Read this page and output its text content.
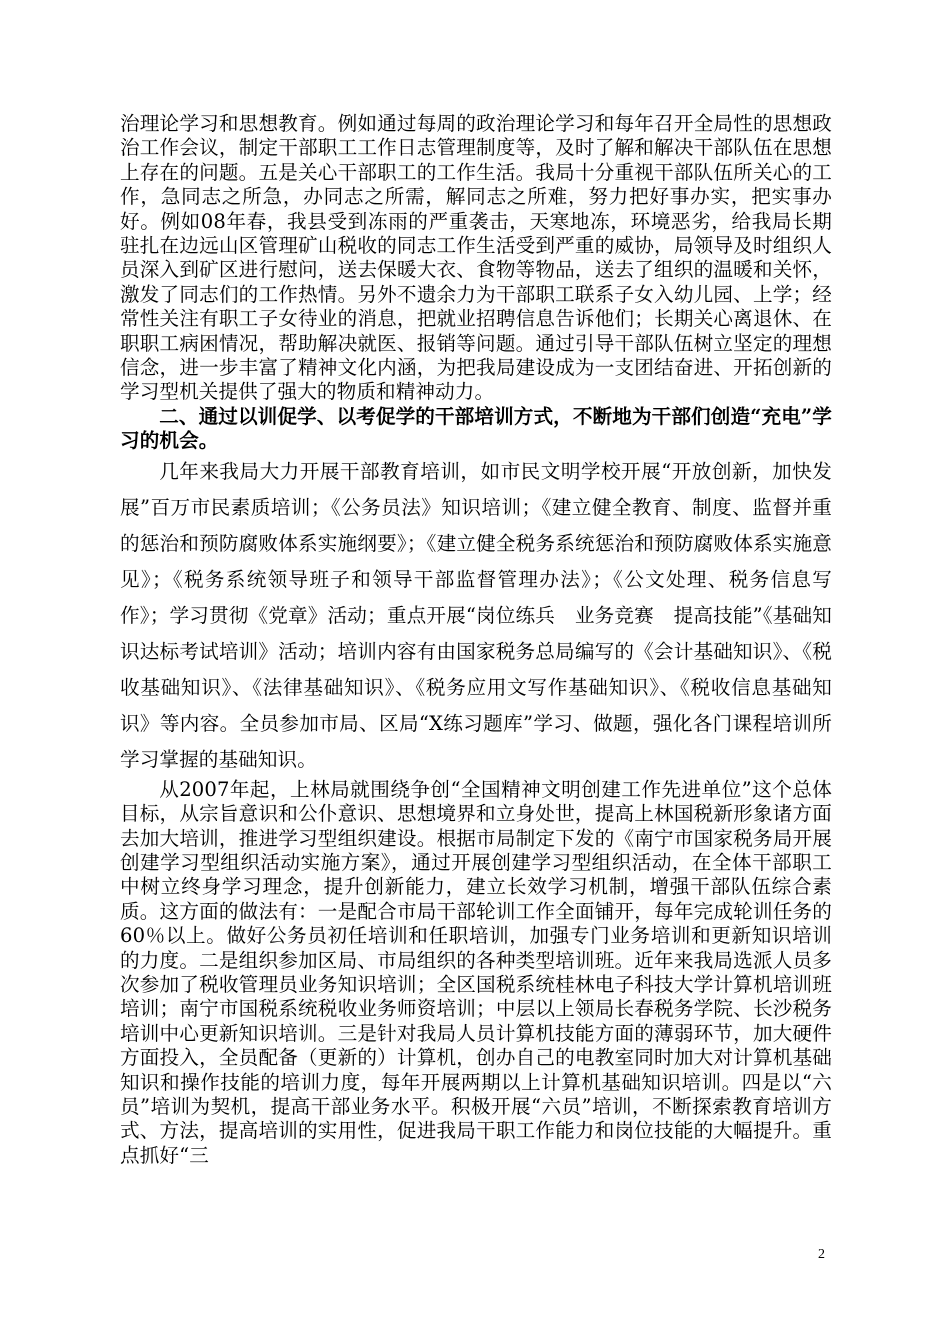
治理论学习和思想教育。例如通过每周的政治理论学习和每年召开全局性的思想政治工作会议，制定干部职工工作日志管理制度等，及时了解和解决干部队伍在思想上存在的问题。五是关心干部职工的工作生活。我局十分重视干部队伍所关心的工作，急同志之所急，办同志之所需，解同志之所难，努力把好事办实，把实事办好。例如08年春，我县受到冻雨的严重袭击，天寒地冻，环境恶劣，给我局长期驻扎在边远山区管理矿山税收的同志工作生活受到严重的威协，局领导及时组织人员深入到矿区进行慰问，送去保暖大衣、食物等物品，送去了组织的温暖和关怀，激发了同志们的工作热情。另外不遗余力为干部职工联系子女入幼儿园、上学；经常性关注有职工子女待业的消息，把就业招聘信息告诉他们；长期关心离退休、在职职工病困情况，帮助解决就医、报销等问题。通过引导干部队伍树立坚定的理想信念，进一步丰富了精神文化内涵，为把我局建设成为一支团结奋进、开拓创新的学习型机关提供了强大的物质和精神动力。

二、通过以训促学、以考促学的干部培训方式，不断地为干部们创造“充电”学习的机会。

几年来我局大力开展干部教育培训，如市民文明学校开展“开放创新，加快发展”百万市民素质培训；《公务员法》知识培训；《建立健全教育、制度、监督并重的惩治和预防腐败体系实施纲要》；《建立健全税务系统惩治和预防腐败体系实施意见》；《税务系统领导班子和领导干部监督管理办法》；《公文处理、税务信息写作》；学习贯彻《党章》活动；重点开展“岗位练兵　业务竞赛　提高技能”《基础知识达标考试培训》活动；培训内容有由国家税务总局编写的《会计基础知识》、《税收基础知识》、《法律基础知识》、《税务应用文写作基础知识》、《税收信息基础知识》等内容。全员参加市局、区局“X练习题库”学习、做题，强化各门课程培训所学习掌握的基础知识。

从2007年起，上林局就围绕争创“全国精神文明创建工作先进单位”这个总体目标，从宗旨意识和公仆意识、思想境界和立身处世，提高上林国税新形象诸方面去加大培训，推进学习型组织建设。根据市局制定下发的《南宁市国家税务局开展创建学习型组织活动实施方案》，通过开展创建学习型组织活动，在全体干部职工中树立终身学习理念，提升创新能力，建立长效学习机制，增强干部队伍综合素质。这方面的做法有：一是配合市局干部轮训工作全面铺开，每年完成轮训任务的60％以上。做好公务员初任培训和任职培训，加强专门业务培训和更新知识培训的力度。二是组织参加区局、市局组织的各种类型培训班。近年来我局选派人员多次参加了税收管理员业务知识培训；全区国税系统桂林电子科技大学计算机培训班培训；南宁市国税系统税收业务师资培训；中层以上领局长春税务学院、长沙税务培训中心更新知识培训。三是针对我局人员计算机技能方面的薄弱环节，加大硬件方面投入，全员配备（更新的）计算机，创办自己的电教室同时加大对计算机基础知识和操作技能的培训力度，每年开展两期以上计算机基础知识培训。四是以“六员”培训为契机，提高干部业务水平。积极开展“六员”培训，不断探索教育培训方式、方法，提高培训的实用性，促进我局干职工作能力和岗位技能的大幅提升。重点抓好“三

2
